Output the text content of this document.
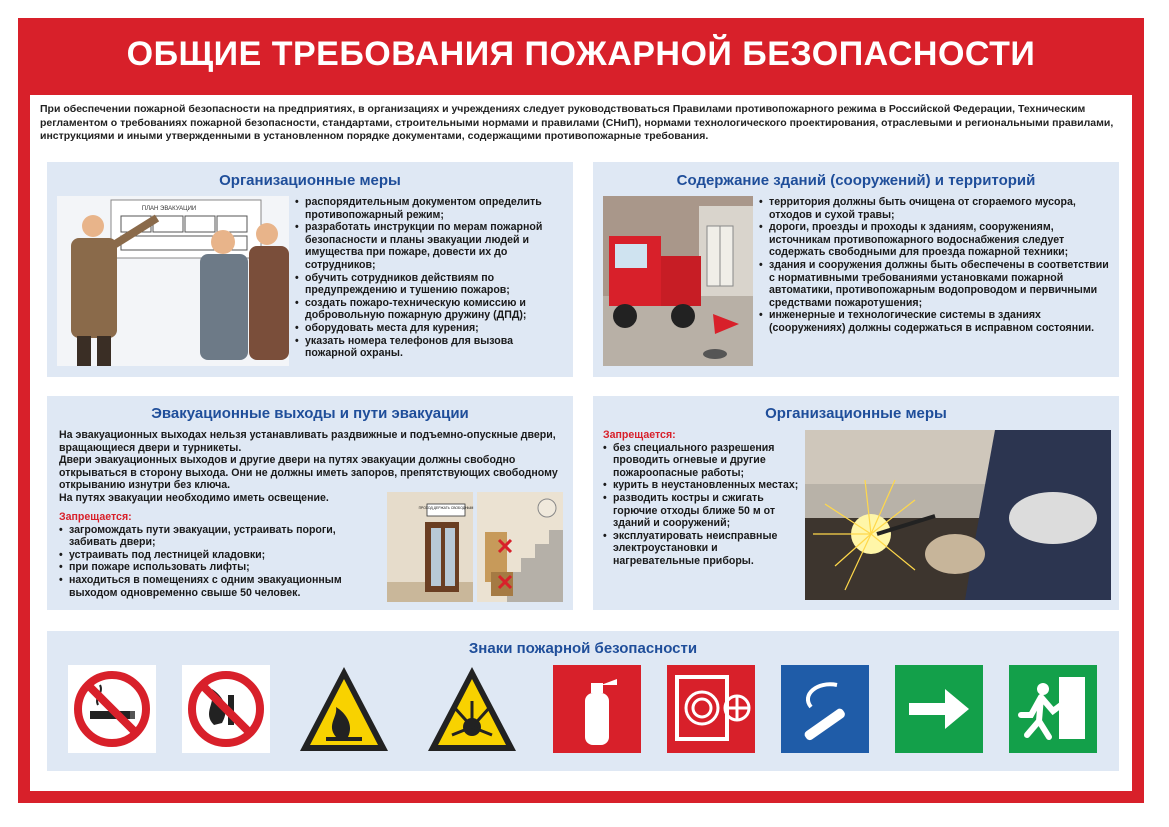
ОБЩИЕ ТРЕБОВАНИЯ ПОЖАРНОЙ БЕЗОПАСНОСТИ
При обеспечении пожарной безопасности на предприятиях, в организациях и учреждениях следует руководствоваться Правилами противопожарного режима в Российской Федерации, Техническим регламентом о требованиях пожарной безопасности, стандартами, строительными нормами и правилами (СНиП), нормами технологического проектирования, отраслевыми и региональными правилами, инструкциями и иными утвержденными в установленном порядке документами, содержащими противопожарные требования.
Организационные меры
ПЛАН ЭВАКУАЦИИ
• распорядительным документом определить противопожарный режим;
• разработать инструкции по мерам пожарной безопасности и планы эвакуации людей и имущества при пожаре, довести их до сотрудников;
• обучить сотрудников действиям по предупреждению и тушению пожаров;
• создать пожаро-техническую комиссию и добровольную пожарную дружину (ДПД);
• оборудовать места для курения;
• указать номера телефонов для вызова пожарной охраны.
Содержание зданий (сооружений) и территорий
• территория должны быть очищена от сгораемого мусора, отходов и сухой травы;
• дороги, проезды и проходы к зданиям, сооружениям, источникам противопожарного водоснабжения следует содержать свободными для проезда пожарной техники;
• здания и сооружения должны быть обеспечены в соответствии с нормативными требованиями установками пожарной автоматики, противопожарным водопроводом и первичными средствами пожаротушения;
• инженерные и технологические системы в зданиях (сооружениях) должны содержаться в исправном состоянии.
Эвакуационные выходы и пути эвакуации
На эвакуационных выходах нельзя устанавливать раздвижные и подъемно-опускные двери, вращающиеся двери и турникеты.
Двери эвакуационных выходов и другие двери на путях эвакуации должны свободно открываться в сторону выхода. Они не должны иметь запоров, препятствующих свободному открыванию изнутри без ключа.
На путях эвакуации необходимо иметь освещение.
Запрещается:
• загромождать пути эвакуации, устраивать пороги, забивать двери;
• устраивать под лестницей кладовки;
• при пожаре использовать лифты;
• находиться в помещениях с одним эвакуационным выходом одновременно свыше 50 человек.
ПРОХОД ДЕРЖАТЬ СВОБОДНЫМ
Организационные меры
Запрещается:
• без специального разрешения проводить огневые и другие пожароопасные работы;
• курить в неустановленных местах;
• разводить костры и сжигать горючие отходы ближе 50 м от зданий и сооружений;
• эксплуатировать неисправные электроустановки и нагревательные приборы.
Знаки пожарной безопасности
